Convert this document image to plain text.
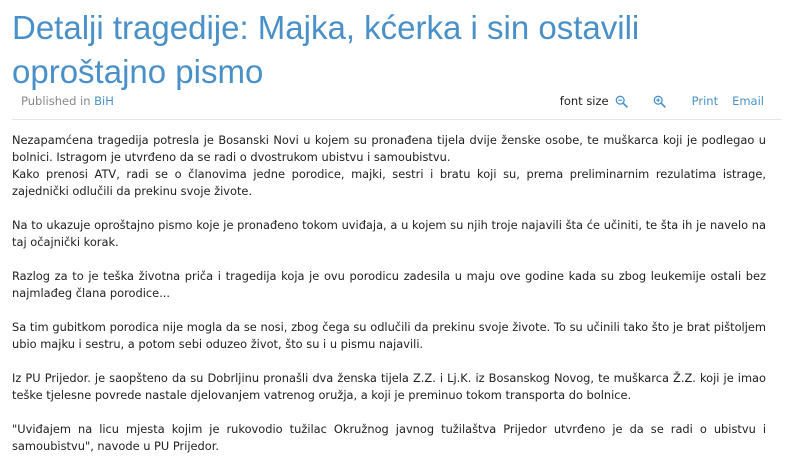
Detalji tragedije: Majka, kćerka i sin ostavili oproštajno pismo
Published in BiH	font size	Print Email

Nezapamćena tragedija potresla je Bosanski Novi u kojem su pronađena tijela dvije ženske osobe, te muškarca koji je podlegao u bolnici. Istragom je utvrđeno da se radi o dvostrukom ubistvu i samoubistvu.

Kako prenosi ATV, radi se o članovima jedne porodice, majki, sestri i bratu koji su, prema preliminarnim rezulatima istrage, zajednički odlučili da prekinu svoje živote.

Na to ukazuje oproštajno pismo koje je pronađeno tokom uviđaja, a u kojem su njih troje najavili šta će učiniti, te šta ih je navelo na taj očajnički korak.

Razlog za to je teška životna priča i tragedija koja je ovu porodicu zadesila u maju ove godine kada su zbog leukemije ostali bez najmlađeg člana porodice...

Sa tim gubitkom porodica nije mogla da se nosi, zbog čega su odlučili da prekinu svoje živote. To su učinili tako što je brat pištoljem ubio majku i sestru, a potom sebi oduzeo život, što su i u pismu najavili.

Iz PU Prijedor. je saopšteno da su Dobrljinu pronašli dva ženska tijela Z.Z. i Lj.K. iz Bosanskog Novog, te muškarca Ž.Z. koji je imao teške tjelesne povrede nastale djelovanjem vatrenog oružja, a koji je preminuo tokom transporta do bolnice.

"Uviđajem na licu mjesta kojim je rukovodio tužilac Okružnog javnog tužilaštva Prijedor utvrđeno je da se radi o ubistvu i samoubistvu", navode u PU Prijedor.
